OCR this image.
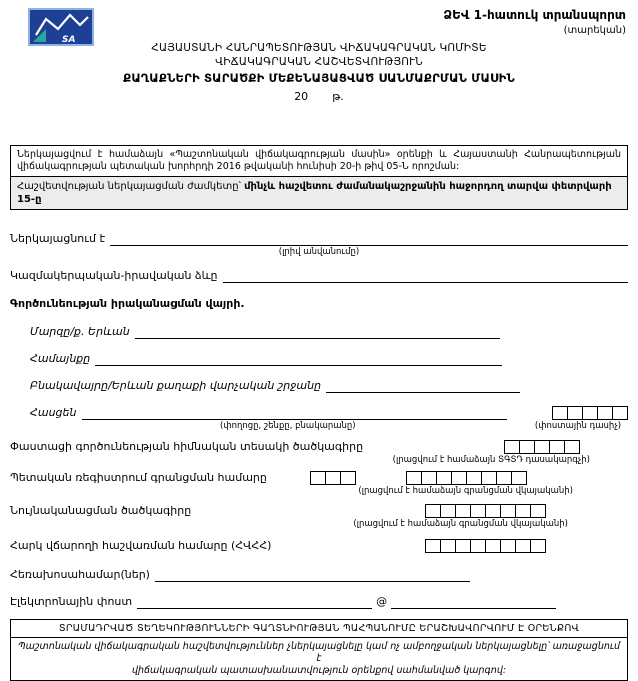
SA
ՁԵՎ 1-հատուկ տրանսպորտ
(տարեկան)
ՀԱՅԱՍՏԱՆԻ ՀԱՆՐԱՊԵՏՈՒԹՅԱՆ ՎԻՃԱԿԱԳՐԱԿԱՆ ԿՈՄԻՏԵ
ՎԻՃԱԿԱԳՐԱԿԱՆ ՀԱՇՎԵՏՎՈՒԹՅՈՒՆ
ՔԱՂԱՔՆԵՐԻ ՏԱՐԱԾՔԻ ՄԵՔԵՆԱՅԱՑՎԱԾ ՍԱՆՄԱՔՐՄԱՆ ՄԱՍԻՆ
20 թ.
Ներկայացվում է համաձայն «Պաշտոնական վիճակագրության մասին» օրենքի և Հայաստանի Հանրապետության վիճակագրության պետական խորհրդի 2016 թվականի հունիսի 20-ի թիվ 05-Ն որոշման:
Հաշվետվության ներկայացման ժամկետը՝ մինչև հաշվետու ժամանակաշրջանին հաջորդող տարվա փետրվարի 15-ը
Ներկայացնում է
(լրիվ անվանումը)
Կազմակերպական-իրավական ձևը
Գործունեության իրականացման վայրի.
Մարզը/ք. Երևան
Համայնքը
Բնակավայրը/Երևան քաղաքի վարչական շրջանը
Հասցեն
(փողոցը, շենքը, բնակարանը)	(փոստային դասիչ)
Փաստացի գործունեության հիմնական տեսակի ծածկագիրը
(լրացվում է համաձայն ՏԳՏԴ դասակարգչի)
Պետական ռեգիստրում գրանցման համարը
(լրացվում է համաձայն գրանցման վկայականի)
Նույնականացման ծածկագիրը
(լրացվում է համաձայն գրանցման վկայականի)
Հարկ վճարողի հաշվառման համարը (ՀՎՀՀ)
Հեռախոսահամար(ներ)
Էլեկտրոնային փոստ	@
ՏՐԱՄԱԴՐՎԱԾ ՏԵՂԵԿՈՒԹՅՈՒՆՆԵՐԻ ԳԱՂՏՆԻՈՒԹՅԱՆ ՊԱՀՊԱՆՈՒՄԸ ԵՐԱՇԽԱՎՈՐՎՈՒՄ Է ՕՐԵՆՔՈՎ
Պաշտոնական վիճակագրական հաշվետվություններ չներկայացնելը կամ ոչ ամբողջական ներկայացնելը՝ առաջացնում է
վիճակագրական պատասխանատվություն օրենքով սահմանված կարգով:
